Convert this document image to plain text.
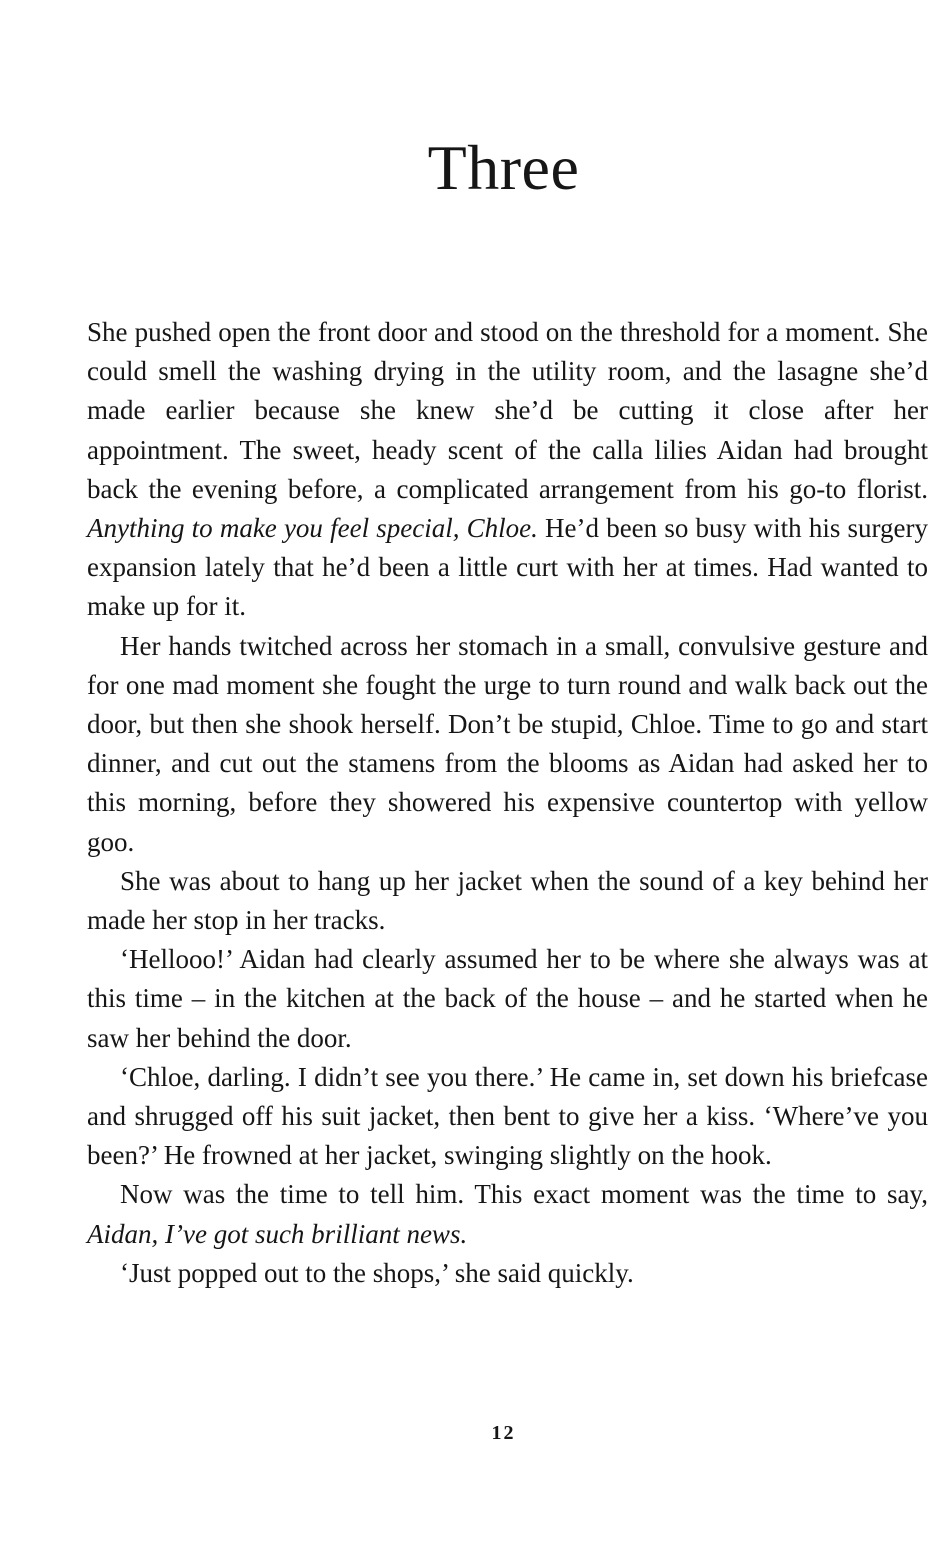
Three

She pushed open the front door and stood on the threshold for a moment. She could smell the washing drying in the utility room, and the lasagne she’d made earlier because she knew she’d be cutting it close after her appointment. The sweet, heady scent of the calla lilies Aidan had brought back the evening before, a complicated arrangement from his go-to florist. Anything to make you feel special, Chloe. He’d been so busy with his surgery expansion lately that he’d been a little curt with her at times. Had wanted to make up for it.

Her hands twitched across her stomach in a small, convulsive gesture and for one mad moment she fought the urge to turn round and walk back out the door, but then she shook herself. Don’t be stupid, Chloe. Time to go and start dinner, and cut out the stamens from the blooms as Aidan had asked her to this morning, before they showered his expensive countertop with yellow goo.

She was about to hang up her jacket when the sound of a key behind her made her stop in her tracks.

‘Hellooo!’ Aidan had clearly assumed her to be where she always was at this time – in the kitchen at the back of the house – and he started when he saw her behind the door.

‘Chloe, darling. I didn’t see you there.’ He came in, set down his briefcase and shrugged off his suit jacket, then bent to give her a kiss. ‘Where’ve you been?’ He frowned at her jacket, swinging slightly on the hook.

Now was the time to tell him. This exact moment was the time to say, Aidan, I’ve got such brilliant news.

‘Just popped out to the shops,’ she said quickly.

12
